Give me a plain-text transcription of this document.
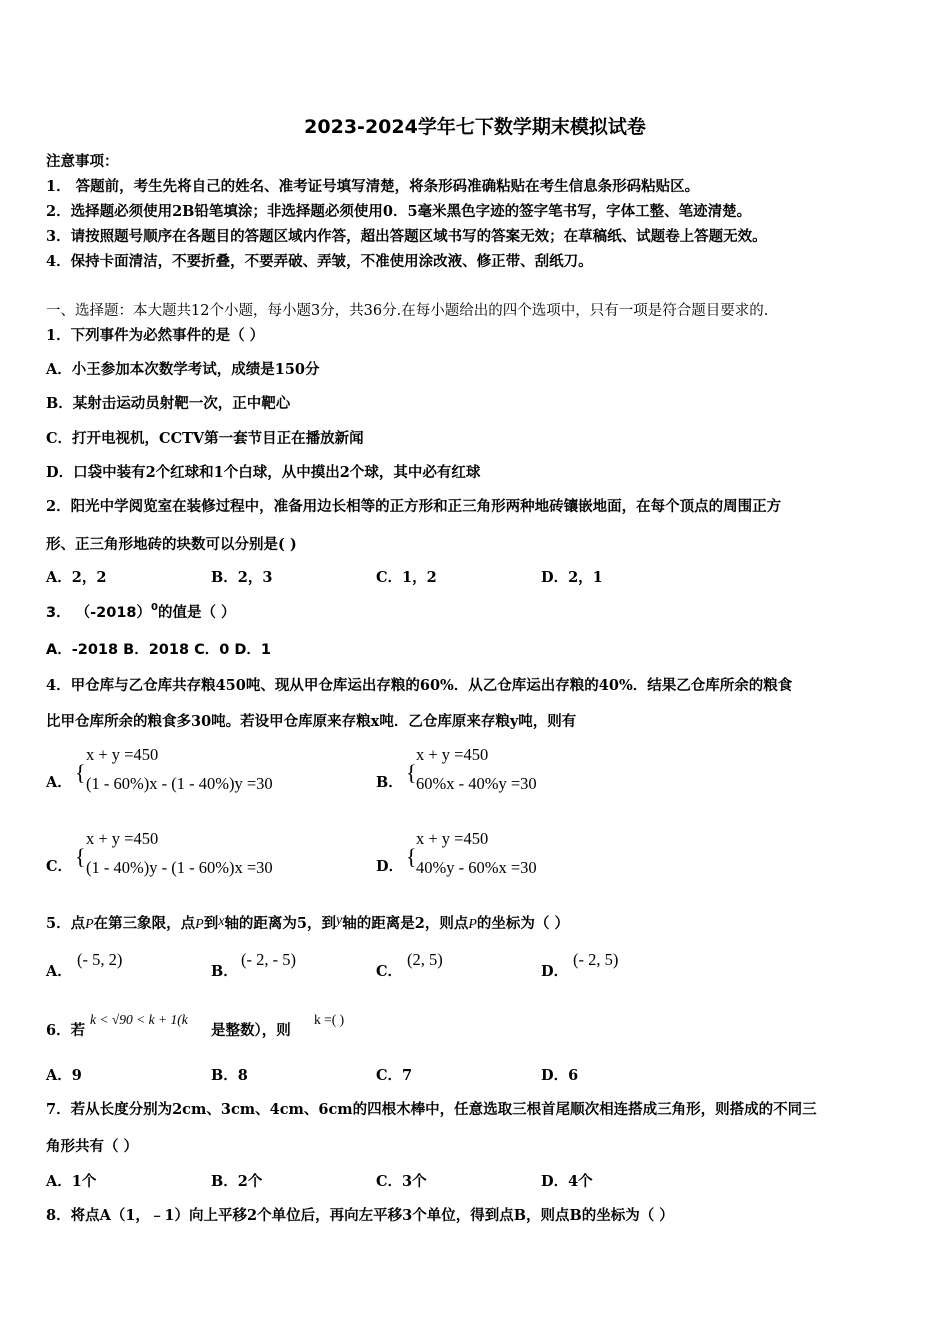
2023-2024学年七下数学期末模拟试卷
注意事项：
1． 答题前，考生先将自己的姓名、准考证号填写清楚，将条形码准确粘贴在考生信息条形码粘贴区。
2．选择题必须使用2B铅笔填涂；非选择题必须使用0．5毫米黑色字迹的签字笔书写，字体工整、笔迹清楚。
3．请按照题号顺序在各题目的答题区域内作答，超出答题区域书写的答案无效；在草稿纸、试题卷上答题无效。
4．保持卡面清洁，不要折叠，不要弄破、弄皱，不准使用涂改液、修正带、刮纸刀。
一、选择题：本大题共12个小题，每小题3分，共36分.在每小题给出的四个选项中，只有一项是符合题目要求的.
1．下列事件为必然事件的是（ ）
A．小王参加本次数学考试，成绩是150分
B．某射击运动员射靶一次，正中靶心
C．打开电视机，CCTV第一套节目正在播放新闻
D．口袋中装有2个红球和1个白球，从中摸出2个球，其中必有红球
2．阳光中学阅览室在装修过程中，准备用边长相等的正方形和正三角形两种地砖镶嵌地面，在每个顶点的周围正方
形、正三角形地砖的块数可以分别是( )
A．2，2	B．2，3	C．1，2	D．2，1
3． $(-2018)^0$的值是（ ）
A．-2018 B．2018 C．0 D．1
4．甲仓库与乙仓库共存粮450吨、现从甲仓库运出存粮的60%．从乙仓库运出存粮的40%．结果乙仓库所余的粮食
比甲仓库所余的粮食多30吨。若设甲仓库原来存粮x吨．乙仓库原来存粮y吨，则有
A． {
x + y =450
(1 - 60%)x - (1 - 40%)y =30	B． {
x + y =450
60%x - 40%y =30
C． {
x + y =450
(1 - 40%)y - (1 - 60%)x =30	D． {
x + y =450
40%y - 60%x =30
5．点P在第三象限，点P到x轴的距离为5，到y轴的距离是2，则点P的坐标为（ ）
A．
(- 5, 2)
B．
(- 2, - 5)
C．
(2, 5)
D．
(- 2, 5)
6．若
k < √90 < k + 1(k
是整数），则
k =( )
A．9	B．8	C．7	D．6
7．若从长度分别为2cm、3cm、4cm、6cm的四根木棒中，任意选取三根首尾顺次相连搭成三角形，则搭成的不同三
角形共有（ ）
A．1个	B．2个	C．3个	D．4个
8．将点A（1，﹣1）向上平移2个单位后，再向左平移3个单位，得到点B，则点B的坐标为（ ）
